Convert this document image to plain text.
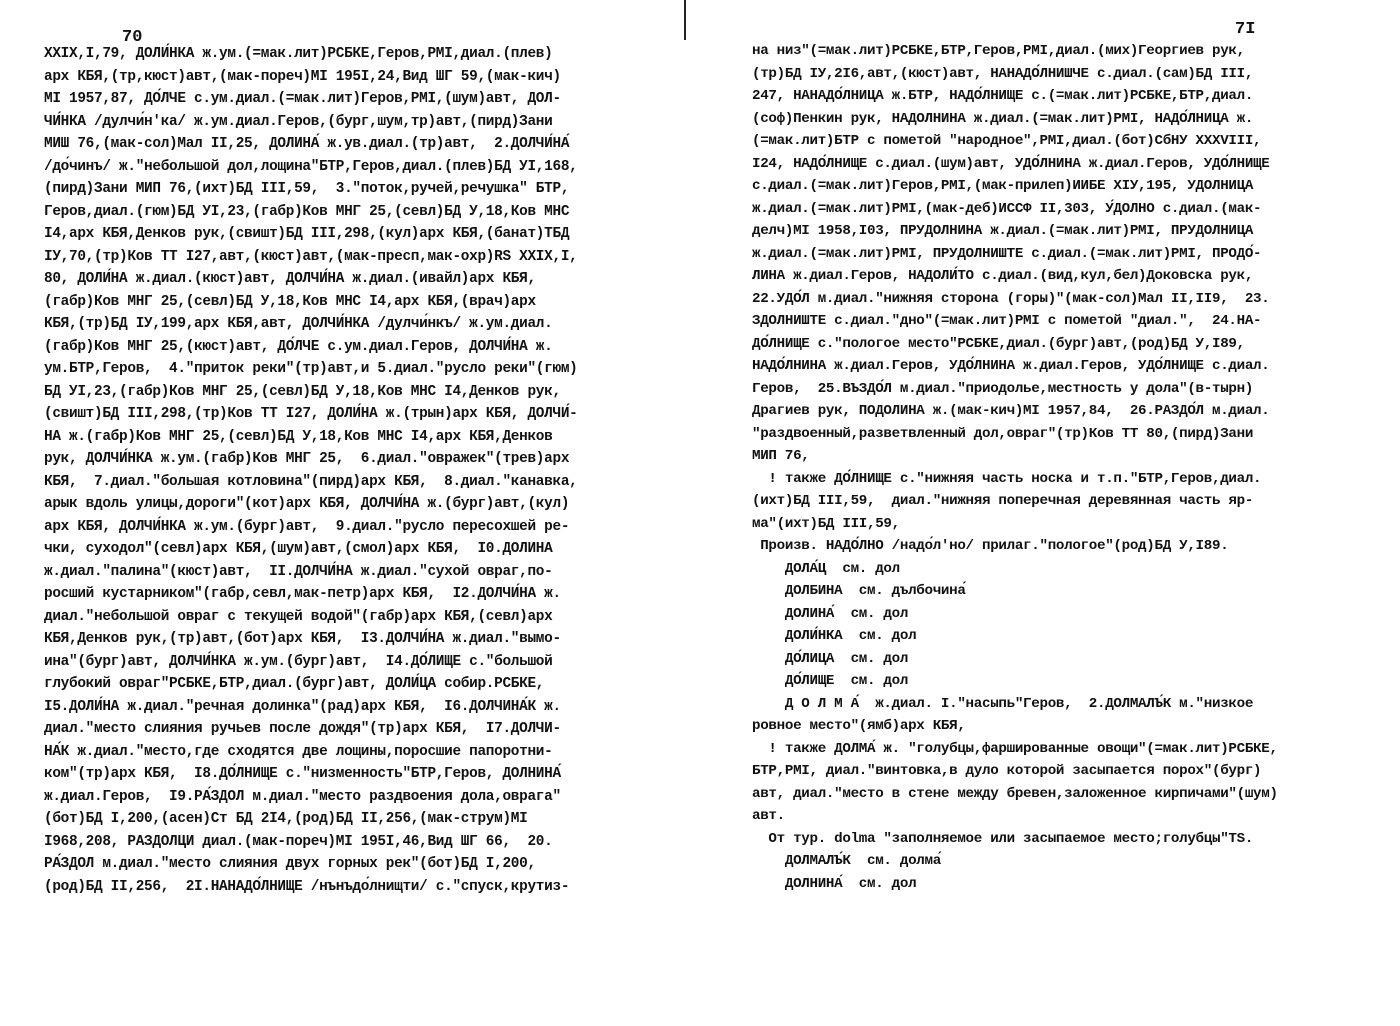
70	7I
XXIX,I,79, ДОЛИ́НКА ж.ум.(=мак.лит)РСБКЕ,Геров,РМI,диал.(плев)
арх КБЯ,(тр,кюст)авт,(мак-пореч)МI 195I,24,Вид ШГ 59,(мак-кич)
МI 1957,87, ДО́ЛЧЕ с.ум.диал.(=мак.лит)Геров,РМI,(шум)авт, ДОЛ-
ЧИ́НКА /дулчи́н'ка/ ж.ум.диал.Геров,(бург,шум,тр)авт,(пирд)Зани
МИШ 76,(мак-сол)Мал II,25, ДОЛИНА́ ж.ув.диал.(тр)авт,  2.ДОЛЧИ́НА́
/до́чинъ/ ж."небольшой дол,лощина"БТР,Геров,диал.(плев)БД УI,168,
(пирд)Зани МИП 76,(ихт)БД III,59,  3."поток,ручей,речушка" БТР,
Геров,диал.(гюм)БД УI,23,(габр)Ков МНГ 25,(севл)БД У,18,Ков МНС
I4,арх КБЯ,Денков рук,(свишт)БД III,298,(кул)арх КБЯ,(банат)ТБД
IУ,70,(тр)Ков ТТ I27,авт,(кюст)авт,(мак-пресп,мак-охр)RS XXIX,I,
80, ДОЛИ́НА ж.диал.(кюст)авт, ДОЛЧИ́НА ж.диал.(ивайл)арх КБЯ,
(габр)Ков МНГ 25,(севл)БД У,18,Ков МНС I4,арх КБЯ,(врач)арх
КБЯ,(тр)БД IУ,199,арх КБЯ,авт, ДОЛЧИ́НКА /дулчи́нкъ/ ж.ум.диал.
(габр)Ков МНГ 25,(кюст)авт, ДО́ЛЧЕ с.ум.диал.Геров, ДОЛЧИ́НА ж.
ум.БТР,Геров,  4."приток реки"(тр)авт,и 5.диал."русло реки"(гюм)
БД УI,23,(габр)Ков МНГ 25,(севл)БД У,18,Ков МНС I4,Денков рук,
(свишт)БД III,298,(тр)Ков ТТ I27, ДОЛИ́НА ж.(трын)арх КБЯ, ДОЛЧИ́-
НА ж.(габр)Ков МНГ 25,(севл)БД У,18,Ков МНС I4,арх КБЯ,Денков
рук, ДОЛЧИ́НКА ж.ум.(габр)Ков МНГ 25,  6.диал."овражек"(трев)арх
КБЯ,  7.диал."большая котловина"(пирд)арх КБЯ,  8.диал."канавка,
арык вдоль улицы,дороги"(кот)арх КБЯ, ДОЛЧИ́НА ж.(бург)авт,(кул)
арх КБЯ, ДОЛЧИ́НКА ж.ум.(бург)авт,  9.диал."русло пересохшей ре-
чки, суходол"(севл)арх КБЯ,(шум)авт,(смол)арх КБЯ,  I0.ДОЛИНА
ж.диал."палина"(кюст)авт,  II.ДОЛЧИ́НА ж.диал."сухой овраг,по-
росший кустарником"(габр,севл,мак-петр)арх КБЯ,  I2.ДОЛЧИ́НА ж.
диал."небольшой овраг с текущей водой"(габр)арх КБЯ,(севл)арх
КБЯ,Денков рук,(тр)авт,(бот)арх КБЯ,  I3.ДОЛЧИ́НА ж.диал."вымо-
ина"(бург)авт, ДОЛЧИ́НКА ж.ум.(бург)авт,  I4.ДО́ЛИЩЕ с."большой
глубокий овраг"РСБКЕ,БТР,диал.(бург)авт, ДОЛИ́ЦА собир.РСБКЕ,
I5.ДОЛИ́НА ж.диал."речная долинка"(рад)арх КБЯ,  I6.ДОЛЧИНА́К ж.
диал."место слияния ручьев после дождя"(тр)арх КБЯ,  I7.ДОЛЧИ-
НА́К ж.диал."место,где сходятся две лощины,поросшие папоротни-
ком"(тр)арх КБЯ,  I8.ДО́ЛНИЩЕ с."низменность"БТР,Геров, ДОЛНИНА́
ж.диал.Геров,  I9.РА́ЗДОЛ м.диал."место раздвоения дола,оврага"
(бот)БД I,200,(асен)Ст БД 2I4,(род)БД II,256,(мак-струм)МI
I968,208, РАЗДОЛЦИ диал.(мак-пореч)МI 195I,46,Вид ШГ 66,  20.
РА́ЗДОЛ м.диал."место слияния двух горных рек"(бот)БД I,200,
(род)БД II,256,  2I.НАНАДО́ЛНИЩЕ /нънъдо́лнищти/ с."спуск,крутиз-
на низ"(=мак.лит)РСБКЕ,БТР,Геров,РМI,диал.(мих)Георгиев рук,
(тр)БД IУ,2I6,авт,(кюст)авт, НАНАДО́ЛНИШЧЕ с.диал.(сам)БД III,
247, НАНАДО́ЛНИЦА ж.БТР, НАДО́ЛНИЩЕ с.(=мак.лит)РСБКЕ,БТР,диал.
(соф)Пенкин рук, НАДОЛНИНА ж.диал.(=мак.лит)РМI, НАДО́ЛНИЦА ж.
(=мак.лит)БТР с пометой "народное",РМI,диал.(бот)СбНУ XXXVIII,
I24, НАДО́ЛНИЩЕ с.диал.(шум)авт, УДО́ЛНИНА ж.диал.Геров, УДО́ЛНИЩЕ
с.диал.(=мак.лит)Геров,РМI,(мак-прилеп)ИИБЕ XIУ,195, УДОЛНИЦА
ж.диал.(=мак.лит)РМI,(мак-деб)ИССФ II,303, У́ДОЛНО с.диал.(мак-
делч)МI 1958,I03, ПРУДОЛНИНА ж.диал.(=мак.лит)РМI, ПРУДОЛНИЦА
ж.диал.(=мак.лит)РМI, ПРУДОЛНИШТЕ с.диал.(=мак.лит)РМI, ПРОДО́-
ЛИНА ж.диал.Геров, НАДОЛИ́ТО с.диал.(вид,кул,бел)Доковска рук,
22.УДО́Л м.диал."нижняя сторона (горы)"(мак-сол)Мал II,II9,  23.
ЗДОЛНИШТЕ с.диал."дно"(=мак.лит)РМI с пометой "диал.",  24.НА-
ДО́ЛНИЩЕ с."пологое место"РСБКЕ,диал.(бург)авт,(род)БД У,I89,
НАДО́ЛНИНА ж.диал.Геров, УДО́ЛНИНА ж.диал.Геров, УДО́ЛНИЩЕ с.диал.
Геров,  25.ВЪЗДО́Л м.диал."приодолье,местность у дола"(в-тырн)
Драгиев рук, ПОДОЛИНА ж.(мак-кич)МI 1957,84,  26.РАЗДО́Л м.диал.
"раздвоенный,разветвленный дол,овраг"(тр)Ков ТТ 80,(пирд)Зани
МИП 76,
! также ДО́ЛНИЩЕ с."нижняя часть носка и т.п."БТР,Геров,диал.
(ихт)БД III,59,  диал."нижняя поперечная деревянная часть яр-
ма"(ихт)БД III,59,
Произв. НАДО́ЛНО /надо́л'но/ прилаг."пологое"(род)БД У,I89.
ДОЛА́Ц  см. дол
ДОЛБИНА  см. дълбочина́
ДОЛИНА́  см. дол
ДОЛИ́НКА  см. дол
ДО́ЛИЦА  см. дол
ДО́ЛИЩЕ  см. дол
Д О Л М А́  ж.диал. I."насыпь"Геров,  2.ДОЛМАЛЪ́К м."низкое
ровное место"(ямб)арх КБЯ,
! также ДОЛМА́ ж. "голубцы,фаршированные овощи"(=мак.лит)РСБКЕ,
БТР,РМI, диал."винтовка,в дуло которой засыпается порох"(бург)
авт, диал."место в стене между бревен,заложенное кирпичами"(шум)
авт.
От тур. dolma "заполняемое или засыпаемое место;голубцы"TS.
ДОЛМАЛЪ́К  см. долма́
ДОЛНИНА́  см. дол
